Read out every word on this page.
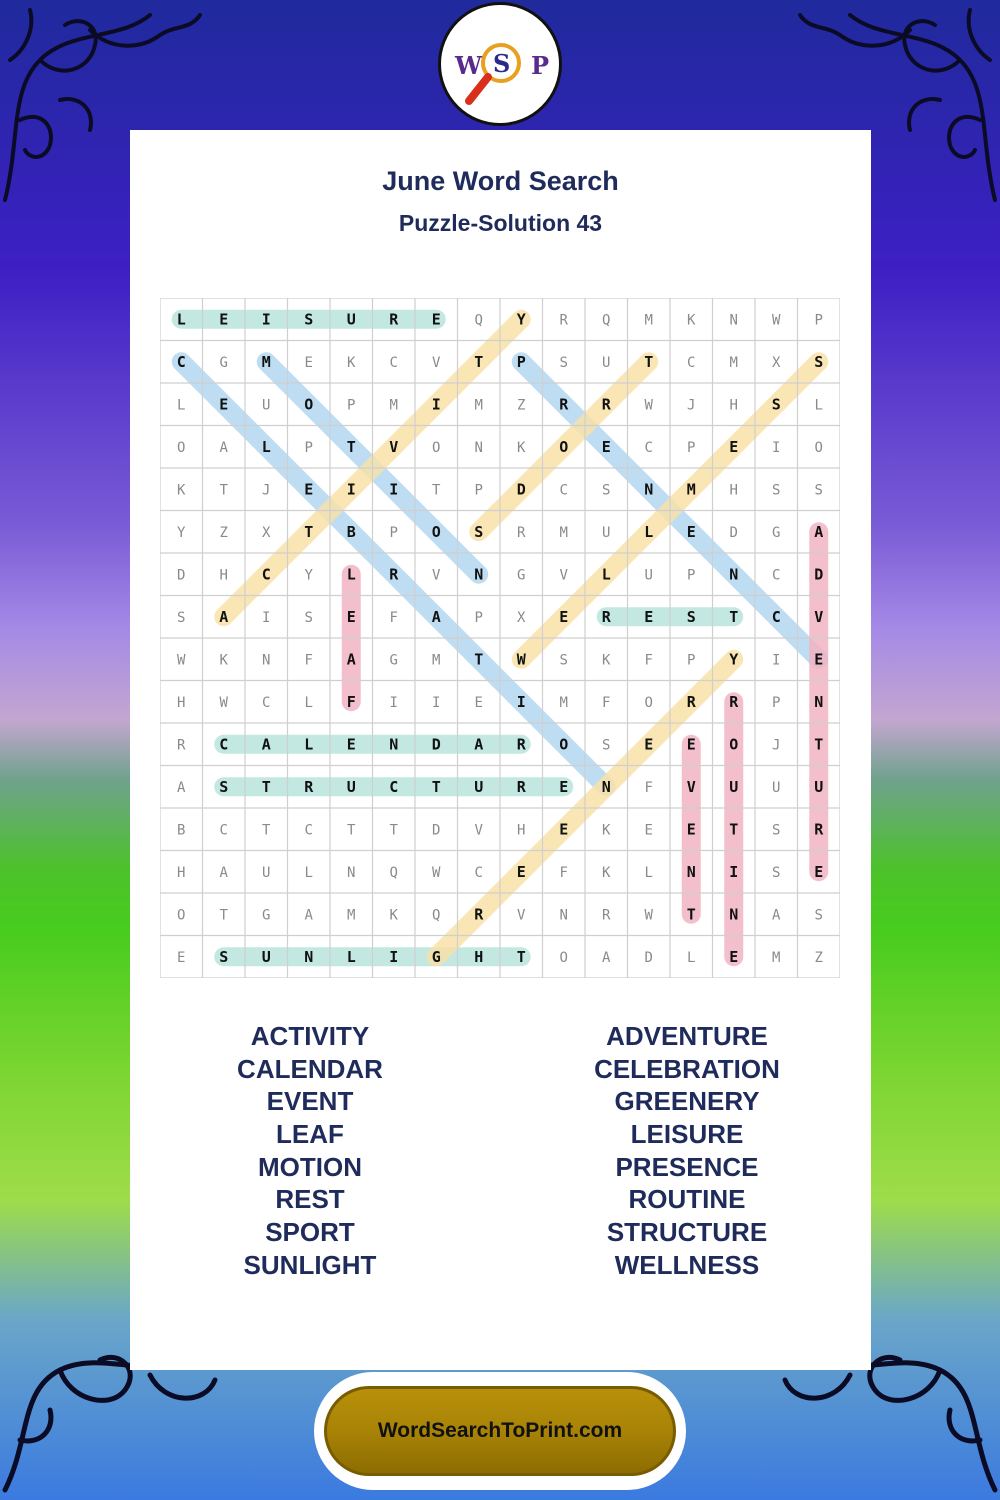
W S P
June Word Search
Puzzle-Solution 43
L E I S U R E Q Y R Q M K N W P
C G M E K C V T P S U T C M X S
L E U O P M I M Z R R W J H S L
O A L P T V O N K O E C P E I O
K T J E I I T P D C S N M H S S
Y Z X T B P O S R M U L E D G A
D H C Y L R V N G V L U P N C D
S A I S E F A P X E R E S T C V
W K N F A G M T W S K F P Y I E
H W C L F I I E I M F O R R P N
R C A L E N D A R O S E E O J T
A S T R U C T U R E N F V U U U
B C T C T T D V H E K E E T S R
H A U L N Q W C E F K L N I S E
O T G A M K Q R V N R W T N A S
E S U N L I G H T O A D L E M Z
ACTIVITY
CALENDAR
EVENT
LEAF
MOTION
REST
SPORT
SUNLIGHT
ADVENTURE
CELEBRATION
GREENERY
LEISURE
PRESENCE
ROUTINE
STRUCTURE
WELLNESS
WordSearchToPrint.com
